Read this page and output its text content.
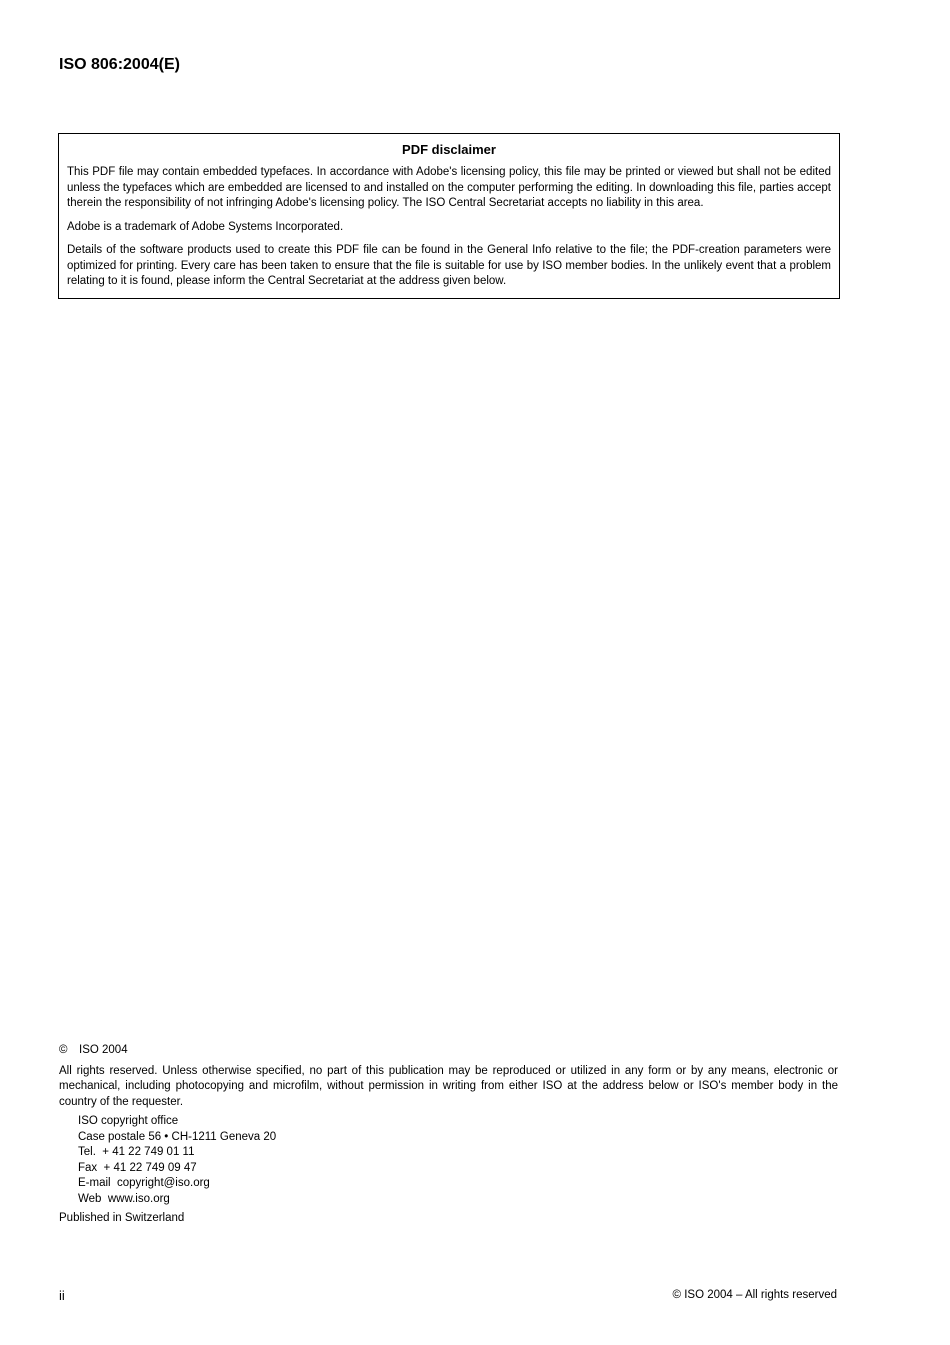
ISO 806:2004(E)

PDF disclaimer

This PDF file may contain embedded typefaces. In accordance with Adobe's licensing policy, this file may be printed or viewed but shall not be edited unless the typefaces which are embedded are licensed to and installed on the computer performing the editing. In downloading this file, parties accept therein the responsibility of not infringing Adobe's licensing policy. The ISO Central Secretariat accepts no liability in this area.

Adobe is a trademark of Adobe Systems Incorporated.

Details of the software products used to create this PDF file can be found in the General Info relative to the file; the PDF-creation parameters were optimized for printing. Every care has been taken to ensure that the file is suitable for use by ISO member bodies. In the unlikely event that a problem relating to it is found, please inform the Central Secretariat at the address given below.

© ISO 2004

All rights reserved. Unless otherwise specified, no part of this publication may be reproduced or utilized in any form or by any means, electronic or mechanical, including photocopying and microfilm, without permission in writing from either ISO at the address below or ISO's member body in the country of the requester.

ISO copyright office
Case postale 56 • CH-1211 Geneva 20
Tel.  + 41 22 749 01 11
Fax  + 41 22 749 09 47
E-mail  copyright@iso.org
Web  www.iso.org

Published in Switzerland

ii	© ISO 2004 – All rights reserved
